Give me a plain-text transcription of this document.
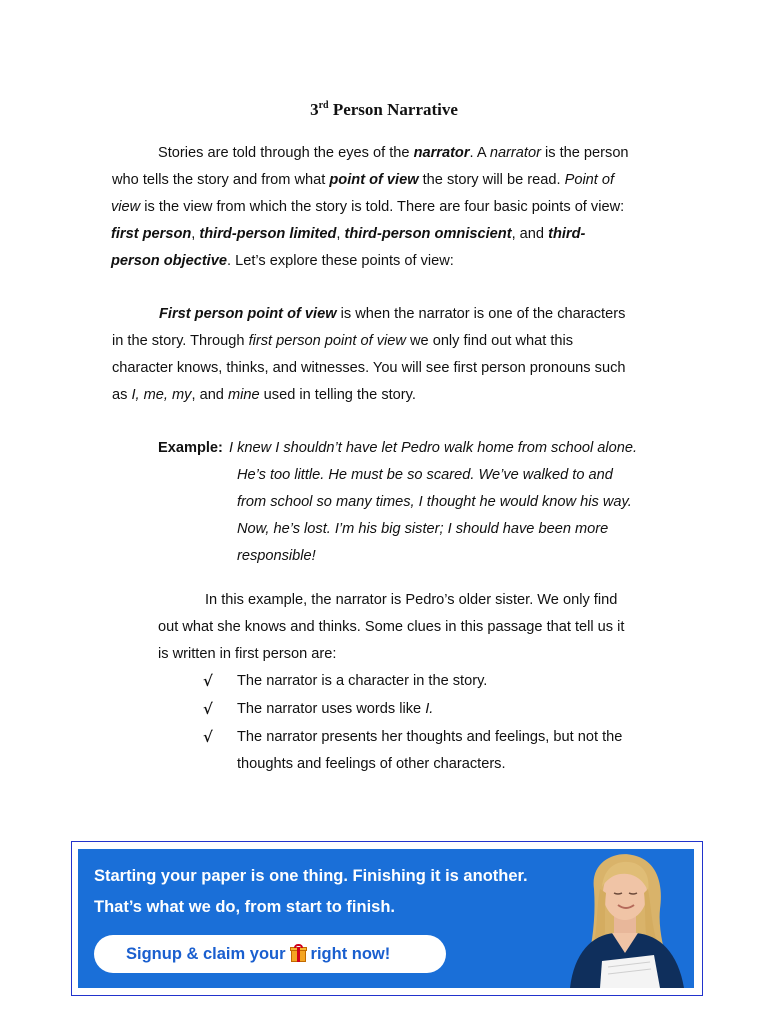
3rd Person Narrative

Stories are told through the eyes of the narrator. A narrator is the person
who tells the story and from what point of view the story will be read. Point of
view is the view from which the story is told. There are four basic points of view:
first person, third-person limited, third-person omniscient, and third-
person objective. Let’s explore these points of view:

First person point of view is when the narrator is one of the characters
in the story. Through first person point of view we only find out what this
character knows, thinks, and witnesses. You will see first person pronouns such
as I, me, my, and mine used in telling the story.

Example: I knew I shouldn’t have let Pedro walk home from school alone.
He’s too little. He must be so scared. We’ve walked to and
from school so many times, I thought he would know his way.
Now, he’s lost. I’m his big sister; I should have been more
responsible!

In this example, the narrator is Pedro’s older sister. We only find
out what she knows and thinks. Some clues in this passage that tell us it
is written in first person are:

√ The narrator is a character in the story.
√ The narrator uses words like I.
√ The narrator presents her thoughts and feelings, but not the
thoughts and feelings of other characters.
Starting your paper is one thing. Finishing it is another.
That’s what we do, from start to finish.
Signup & claim your right now!
